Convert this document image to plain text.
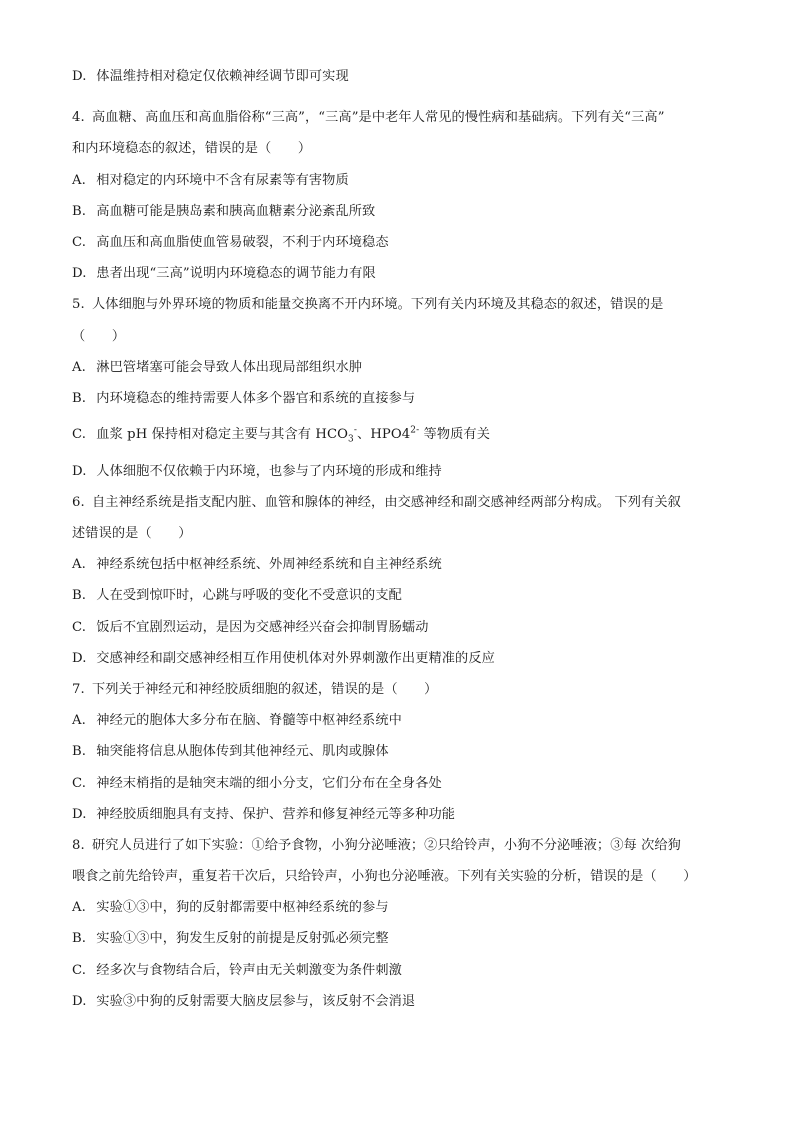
D. 体温维持相对稳定仅依赖神经调节即可实现
4. 高血糖、高血压和高血脂俗称“三高”，“三高”是中老年人常见的慢性病和基础病。下列有关“三高”
和内环境稳态的叙述，错误的是（　　）
A. 相对稳定的内环境中不含有尿素等有害物质
B. 高血糖可能是胰岛素和胰高血糖素分泌紊乱所致
C. 高血压和高血脂使血管易破裂，不利于内环境稳态
D. 患者出现“三高”说明内环境稳态的调节能力有限
5. 人体细胞与外界环境的物质和能量交换离不开内环境。下列有关内环境及其稳态的叙述，错误的是
（　　）
A. 淋巴管堵塞可能会导致人体出现局部组织水肿
B. 内环境稳态的维持需要人体多个器官和系统的直接参与
C. 血浆 pH 保持相对稳定主要与其含有 $HCO_3^-$、$HPO4^{2-}$ 等物质有关
D. 人体细胞不仅依赖于内环境，也参与了内环境的形成和维持
6. 自主神经系统是指支配内脏、血管和腺体的神经，由交感神经和副交感神经两部分构成。 下列有关叙
述错误的是（　　）
A. 神经系统包括中枢神经系统、外周神经系统和自主神经系统
B. 人在受到惊吓时，心跳与呼吸的变化不受意识的支配
C. 饭后不宜剧烈运动，是因为交感神经兴奋会抑制胃肠蠕动
D. 交感神经和副交感神经相互作用使机体对外界刺激作出更精准的反应
7. 下列关于神经元和神经胶质细胞的叙述，错误的是（　　）
A. 神经元的胞体大多分布在脑、脊髓等中枢神经系统中
B. 轴突能将信息从胞体传到其他神经元、肌肉或腺体
C. 神经末梢指的是轴突末端的细小分支，它们分布在全身各处
D. 神经胶质细胞具有支持、保护、营养和修复神经元等多种功能
8. 研究人员进行了如下实验：①给予食物，小狗分泌唾液；②只给铃声，小狗不分泌唾液；③每 次给狗
喂食之前先给铃声，重复若干次后，只给铃声，小狗也分泌唾液。下列有关实验的分析，错误的是（　　）
A. 实验①③中，狗的反射都需要中枢神经系统的参与
B. 实验①③中，狗发生反射的前提是反射弧必须完整
C. 经多次与食物结合后，铃声由无关刺激变为条件刺激
D. 实验③中狗的反射需要大脑皮层参与，该反射不会消退
